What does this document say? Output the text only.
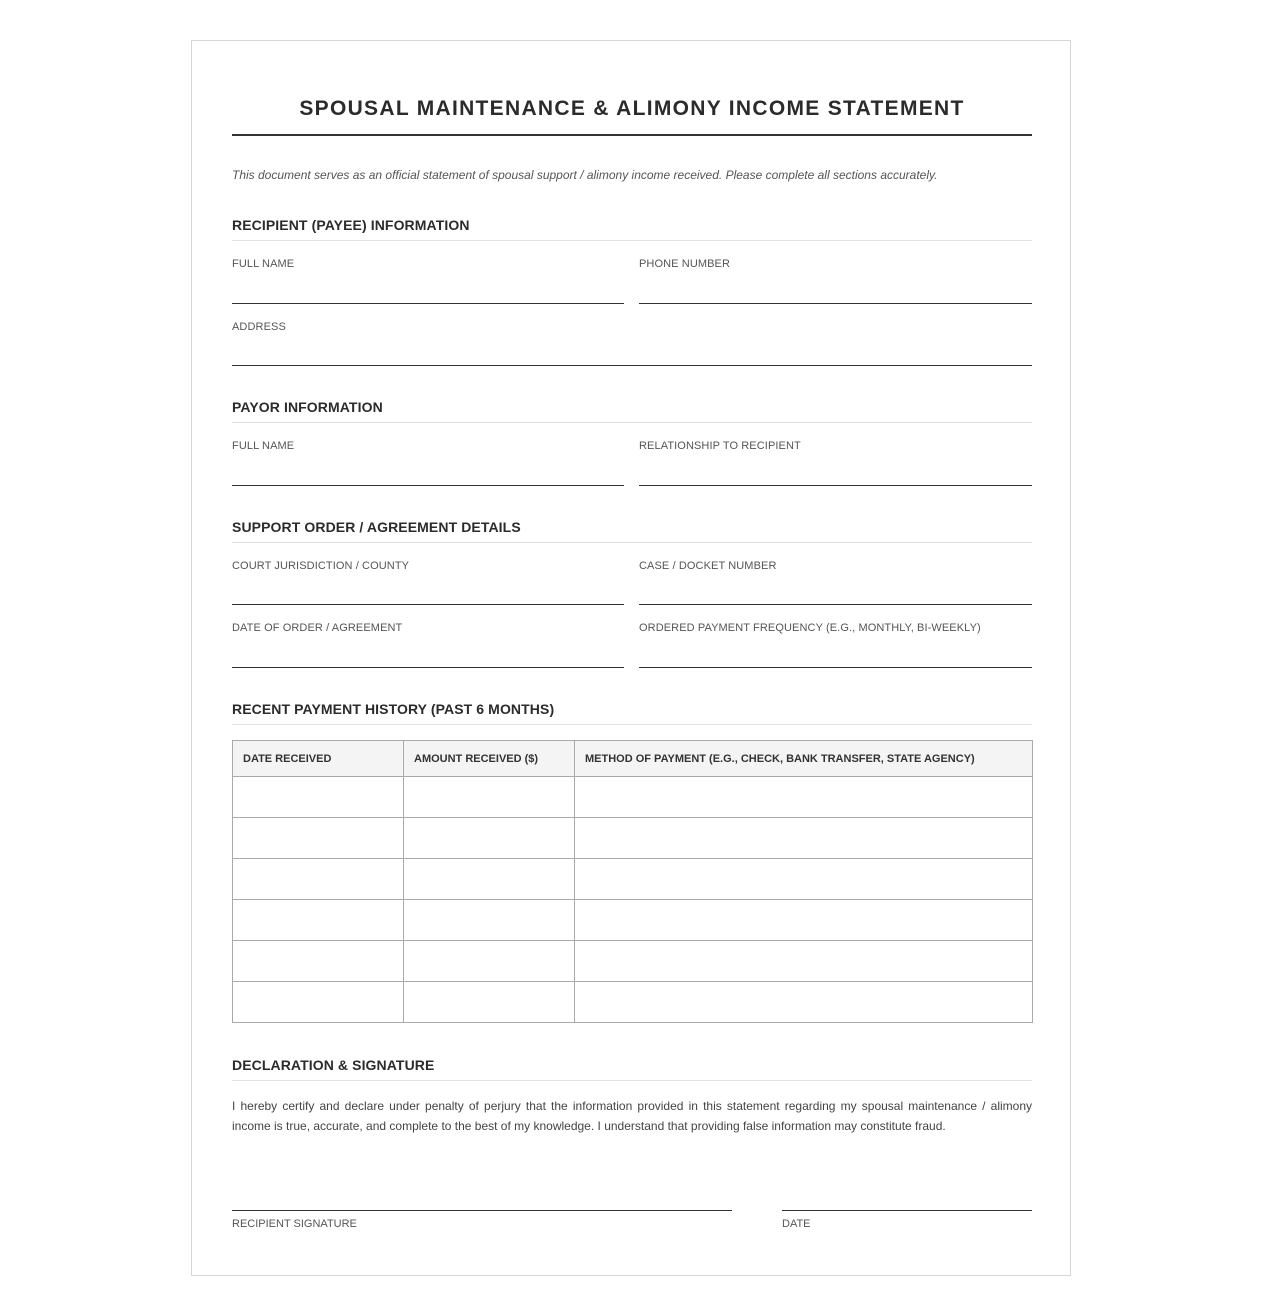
SPOUSAL MAINTENANCE & ALIMONY INCOME STATEMENT
This document serves as an official statement of spousal support / alimony income received. Please complete all sections accurately.
RECIPIENT (PAYEE) INFORMATION
FULL NAME	PHONE NUMBER
ADDRESS
PAYOR INFORMATION
FULL NAME	RELATIONSHIP TO RECIPIENT
SUPPORT ORDER / AGREEMENT DETAILS
COURT JURISDICTION / COUNTY	CASE / DOCKET NUMBER
DATE OF ORDER / AGREEMENT	ORDERED PAYMENT FREQUENCY (E.G., MONTHLY, BI-WEEKLY)
RECENT PAYMENT HISTORY (PAST 6 MONTHS)
DATE RECEIVED	AMOUNT RECEIVED ($)	METHOD OF PAYMENT (E.G., CHECK, BANK TRANSFER, STATE AGENCY)

DECLARATION & SIGNATURE
I hereby certify and declare under penalty of perjury that the information provided in this statement regarding my spousal maintenance / alimony income is true, accurate, and complete to the best of my knowledge. I understand that providing false information may constitute fraud.
RECIPIENT SIGNATURE	DATE
